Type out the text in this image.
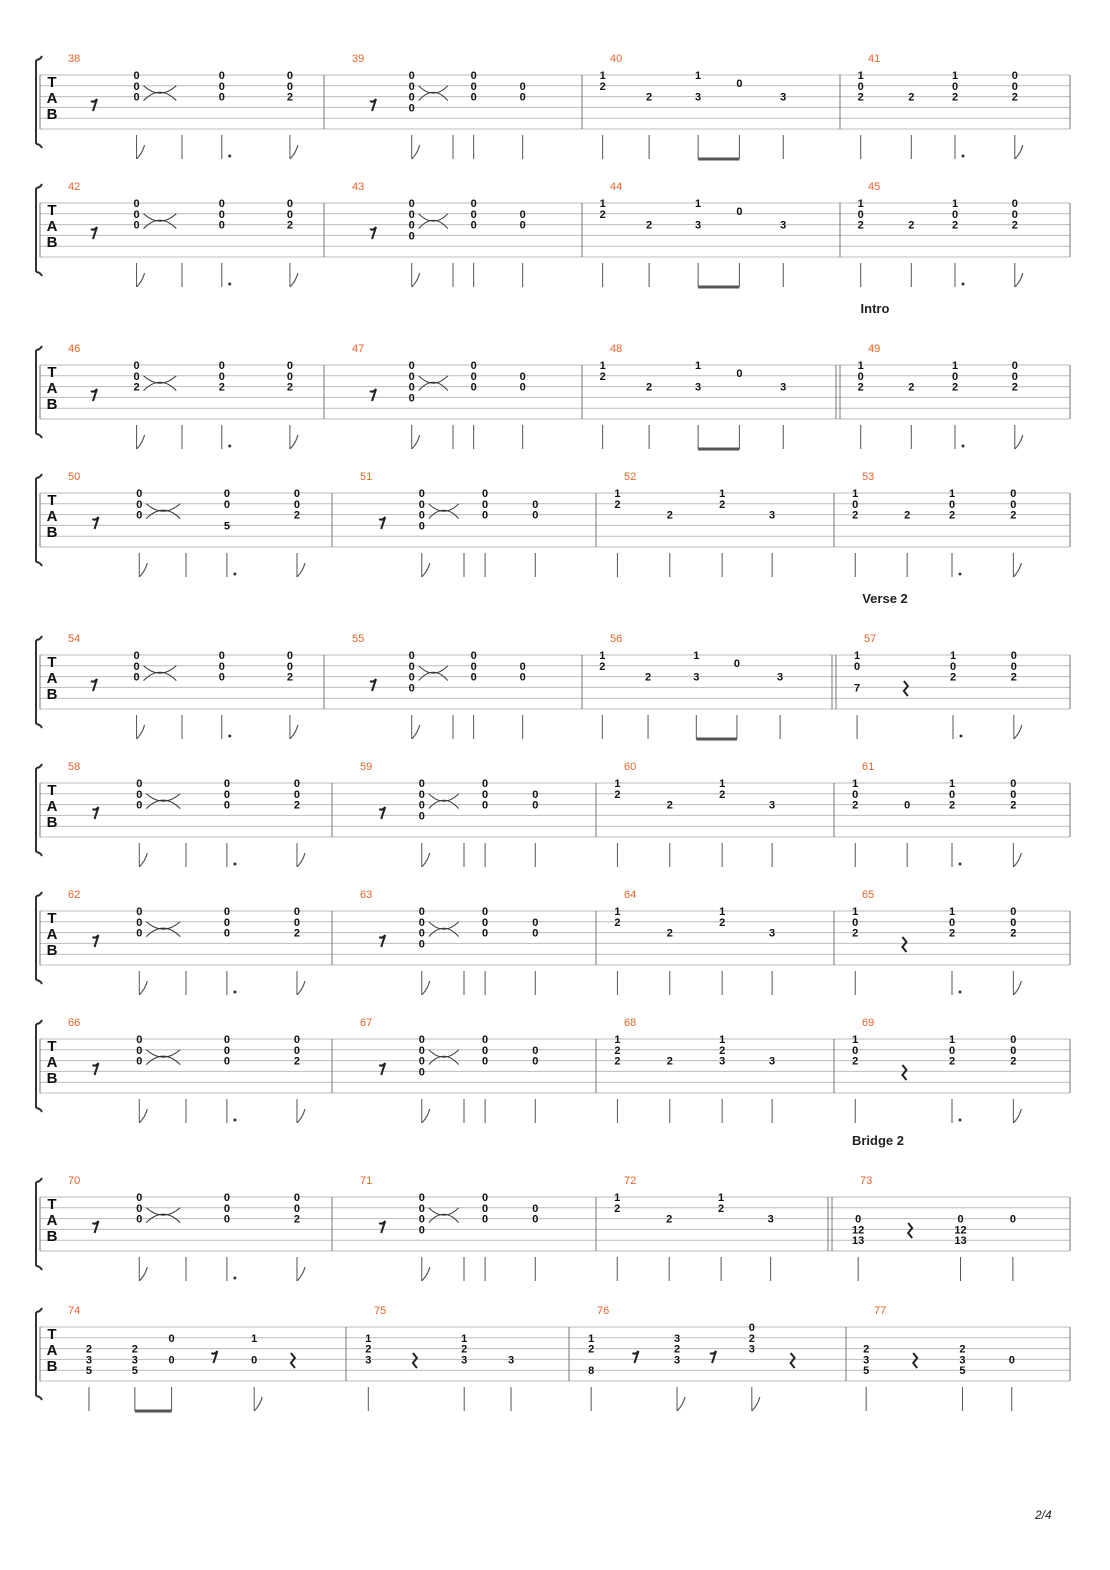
T
A
B
38
0
0
0
0
0
0
0
0
2
39
0
0
0
0
0
0
0
0
0
40
1
2
2
1
3
0
3
41
1
0
2	2
1
0
2
0
0
2
T
A
B
42
0
0
0
0
0
0
0
0
2
43
0
0
0
0
0
0
0
0
0
44
1
2
2
1
3
0
3
45
1
0
2	2
1
0
2
0
0
2
T
A
B
Intro
46
0
0
2
0
0
2
0
0
2
47
0
0
0
0
0
0
0
0
0
48
1
2
2
1
3
0
3
49
1
0
2	2
1
0
2
0
0
2
T
A
B
50
0
0
0
0
0
5
0
0
2
51
0
0
0
0
0
0
0
0
0
52
1
2
2
1
2
3
53
1
0
2	2
1
0
2
0
0
2
T
A
B
Verse 2
54
0
0
0
0
0
0
0
0
2
55
0
0
0
0
0
0
0
0
0
56
1
2
2
1
3
0
3
57
1
0
7
1
0
2
0
0
2
T
A
B
58
0
0
0
0
0
0
0
0
2
59
0
0
0
0
0
0
0
0
0
60
1
2
2
1
2
3
61
1
0
2	0
1
0
2
0
0
2
T
A
B
62
0
0
0
0
0
0
0
0
2
63
0
0
0
0
0
0
0
0
0
64
1
2
2
1
2
3
65
1
0
2
1
0
2
0
0
2
T
A
B
66
0
0
0
0
0
0
0
0
2
67
0
0
0
0
0
0
0
0
0
68
1
2
2	2
1
2
3	3
69
1
0
2
1
0
2
0
0
2
T
A
B
Bridge 2
70
0
0
0
0
0
0
0
0
2
71
0
0
0
0
0
0
0
0
0
72
1
2
2
1
2
3
73
0
12
13
0
12
13
0
T
A
B
74
2
3
5
2
3
5
0
0
1
0
75
1
2
3
1
2
3	3
76
1
2
8
3
2
3
0
2
3
77
2
3
5
2
3
5
0
2/4
